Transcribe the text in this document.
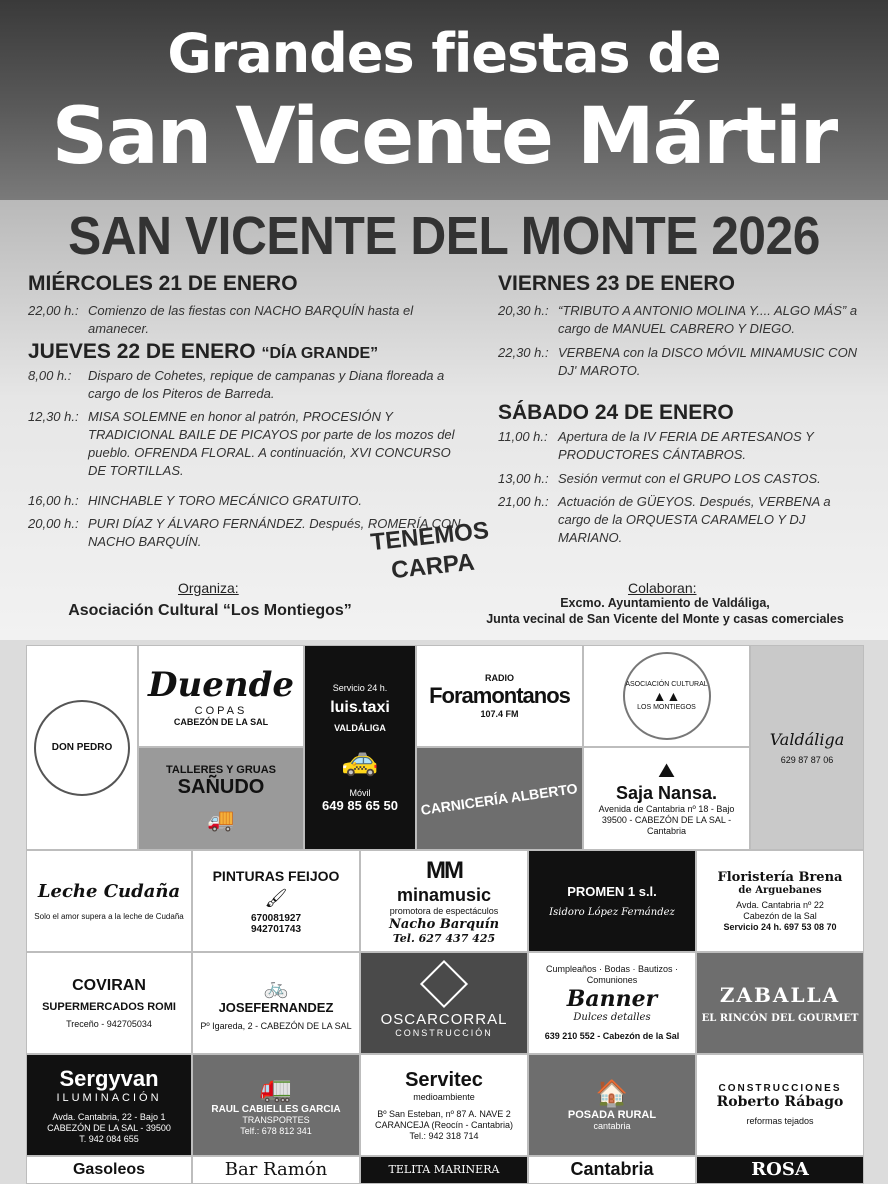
Grandes fiestas de
San Vicente Mártir
SAN VICENTE DEL MONTE 2026
MIÉRCOLES 21 DE ENERO
22,00 h.: Comienzo de las fiestas con NACHO BARQUÍN hasta el amanecer.
JUEVES 22 DE ENERO “DÍA GRANDE”
8,00 h.:	Disparo de Cohetes, repique de campanas y Diana floreada a cargo de los Piteros de Barreda.
12,30 h.: MISA SOLEMNE en honor al patrón, PROCESIÓN Y TRADICIONAL BAILE DE PICAYOS por parte de los mozos del pueblo. OFRENDA FLORAL. A continuación, XVI CONCURSO DE TORTILLAS.
16,00 h.: HINCHABLE Y TORO MECÁNICO GRATUITO.
20,00 h.: PURI DÍAZ Y ÁLVARO FERNÁNDEZ. Después, ROMERÍA CON NACHO BARQUÍN.
VIERNES 23 DE ENERO
20,30 h.: “TRIBUTO A ANTONIO MOLINA Y.... ALGO MÁS” a cargo de MANUEL CABRERO Y DIEGO.
22,30 h.: VERBENA con la DISCO MÓVIL MINAMUSIC CON DJ' MAROTO.
SÁBADO 24 DE ENERO
11,00 h.: Apertura de la IV FERIA DE ARTESANOS Y PRODUCTORES CÁNTABROS.
13,00 h.: Sesión vermut con el GRUPO LOS CASTOS.
21,00 h.: Actuación de GÜEYOS. Después, VERBENA a cargo de la ORQUESTA CARAMELO Y DJ MARIANO.
TENEMOS
CARPA
Organiza:
Asociación Cultural “Los Montiegos”
Colaboran:
Excmo. Ayuntamiento de Valdáliga,
Junta vecinal de San Vicente del Monte y casas comerciales
DON PEDRO
Duende
COPAS
CABEZÓN DE LA SAL
TALLERES Y GRUAS
SAÑUDO
🚚
Servicio 24 h.
luis.taxi
VALDÁLIGA
🚕
Móvil
649 85 65 50
RADIO
Foramontanos
107.4 FM
CARNICERÍA ALBERTO
ASOCIACIÓN CULTURAL
▲▲
LOS MONTIEGOS
⛰
Saja Nansa.
Avenida de Cantabria nº 18 - Bajo
39500 - CABEZÓN DE LA SAL - Cantabria
Valdáliga
629 87 87 06
Leche Cudaña
Solo el amor supera a la leche de Cudaña
PINTURAS FEIJOO
🖌
670081927
942701743
MM
minamusic
promotora de espectáculos
Nacho Barquín
Tel. 627 437 425
PROMEN 1 s.l.
Isidoro López Fernández
Floristería Brena
de Arguebanes
Avda. Cantabria nº 22
Cabezón de la Sal
Servicio 24 h. 697 53 08 70
COVIRAN
SUPERMERCADOS ROMI
Treceño - 942705034
🚲
JOSEFERNANDEZ
Pº Igareda, 2 - CABEZÓN DE LA SAL OSCARCORRAL
CONSTRUCCIÓN
Cumpleaños · Bodas · Bautizos · Comuniones
Banner
Dulces detalles
639 210 552 - Cabezón de la Sal
ZABALLA
EL RINCÓN DEL GOURMET
Sergyvan
ILUMINACIÓN
Avda. Cantabria, 22 - Bajo 1
CABEZÓN DE LA SAL - 39500
T. 942 084 655
🚛
RAUL CABIELLES GARCIA
TRANSPORTES
Telf.: 678 812 341
Servitec
medioambiente
Bº San Esteban, nº 87 A. NAVE 2
CARANCEJA (Reocín - Cantabria)
Tel.: 942 318 714
🏠
POSADA RURAL
cantabria
CONSTRUCCIONES
Roberto Rábago
reformas tejados
Gasoleos	Bar Ramón	TELITA MARINERA	Cantabria	ROSA
